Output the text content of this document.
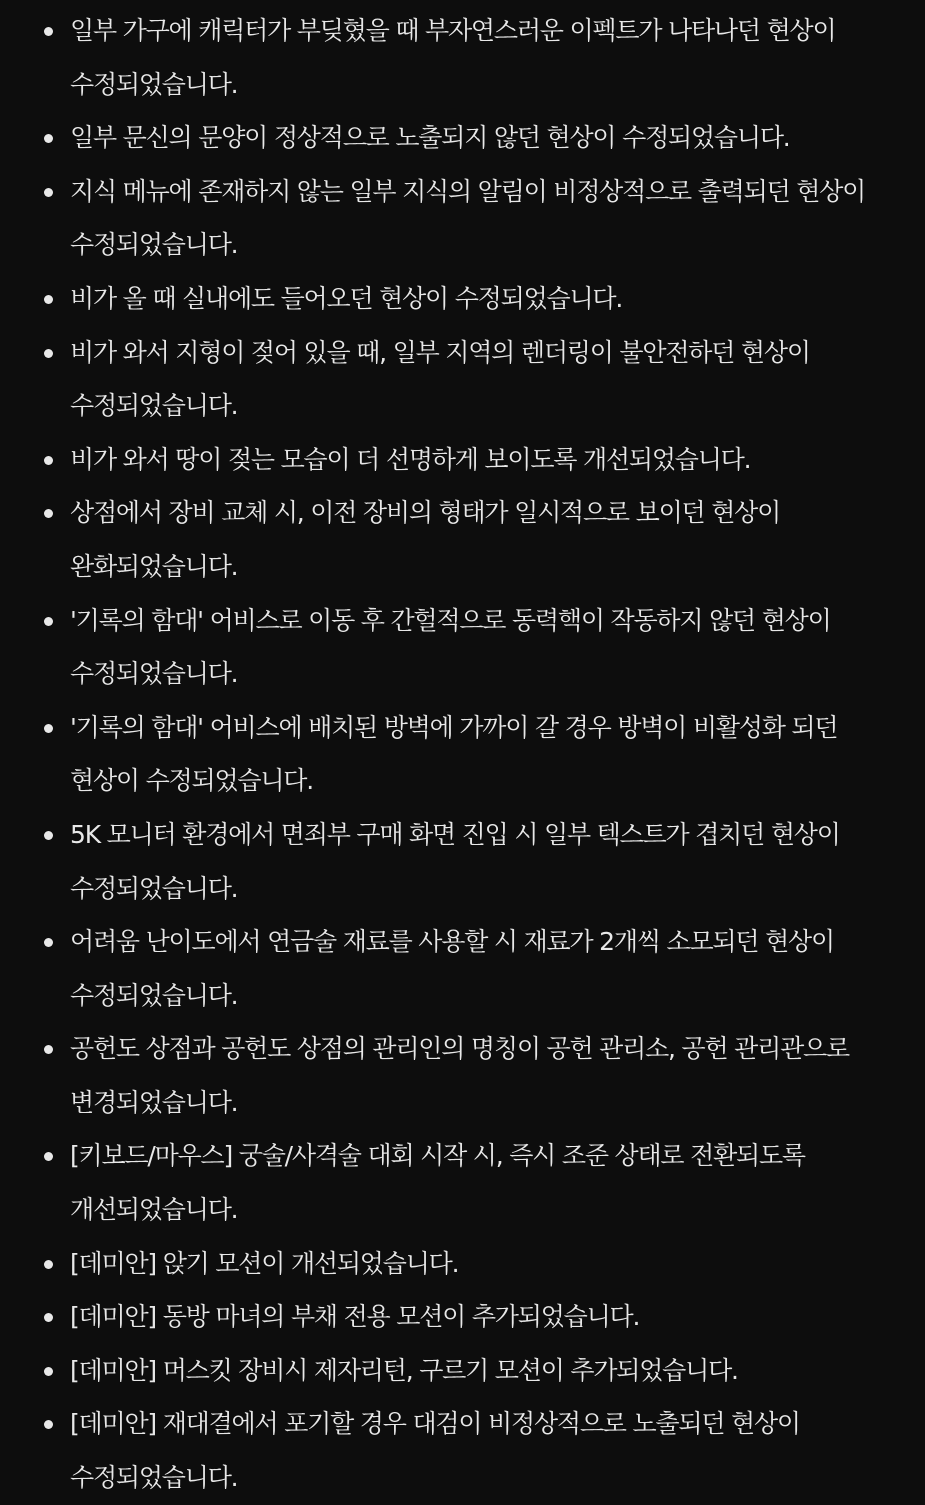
일부 가구에 캐릭터가 부딪혔을 때 부자연스러운 이펙트가 나타나던 현상이 수정되었습니다.
일부 문신의 문양이 정상적으로 노출되지 않던 현상이 수정되었습니다.
지식 메뉴에 존재하지 않는 일부 지식의 알림이 비정상적으로 출력되던 현상이 수정되었습니다.
비가 올 때 실내에도 들어오던 현상이 수정되었습니다.
비가 와서 지형이 젖어 있을 때, 일부 지역의 렌더링이 불안전하던 현상이 수정되었습니다.
비가 와서 땅이 젖는 모습이 더 선명하게 보이도록 개선되었습니다.
상점에서 장비 교체 시, 이전 장비의 형태가 일시적으로 보이던 현상이 완화되었습니다.
'기록의 함대' 어비스로 이동 후 간헐적으로 동력핵이 작동하지 않던 현상이 수정되었습니다.
'기록의 함대' 어비스에 배치된 방벽에 가까이 갈 경우 방벽이 비활성화 되던 현상이 수정되었습니다.
5K 모니터 환경에서 면죄부 구매 화면 진입 시 일부 텍스트가 겹치던 현상이 수정되었습니다.
어려움 난이도에서 연금술 재료를 사용할 시 재료가 2개씩 소모되던 현상이 수정되었습니다.
공헌도 상점과 공헌도 상점의 관리인의 명칭이 공헌 관리소, 공헌 관리관으로 변경되었습니다.
[키보드/마우스] 궁술/사격술 대회 시작 시, 즉시 조준 상태로 전환되도록 개선되었습니다.
[데미안] 앉기 모션이 개선되었습니다.
[데미안] 동방 마녀의 부채 전용 모션이 추가되었습니다.
[데미안] 머스킷 장비시 제자리턴, 구르기 모션이 추가되었습니다.
[데미안] 재대결에서 포기할 경우 대검이 비정상적으로 노출되던 현상이 수정되었습니다.
